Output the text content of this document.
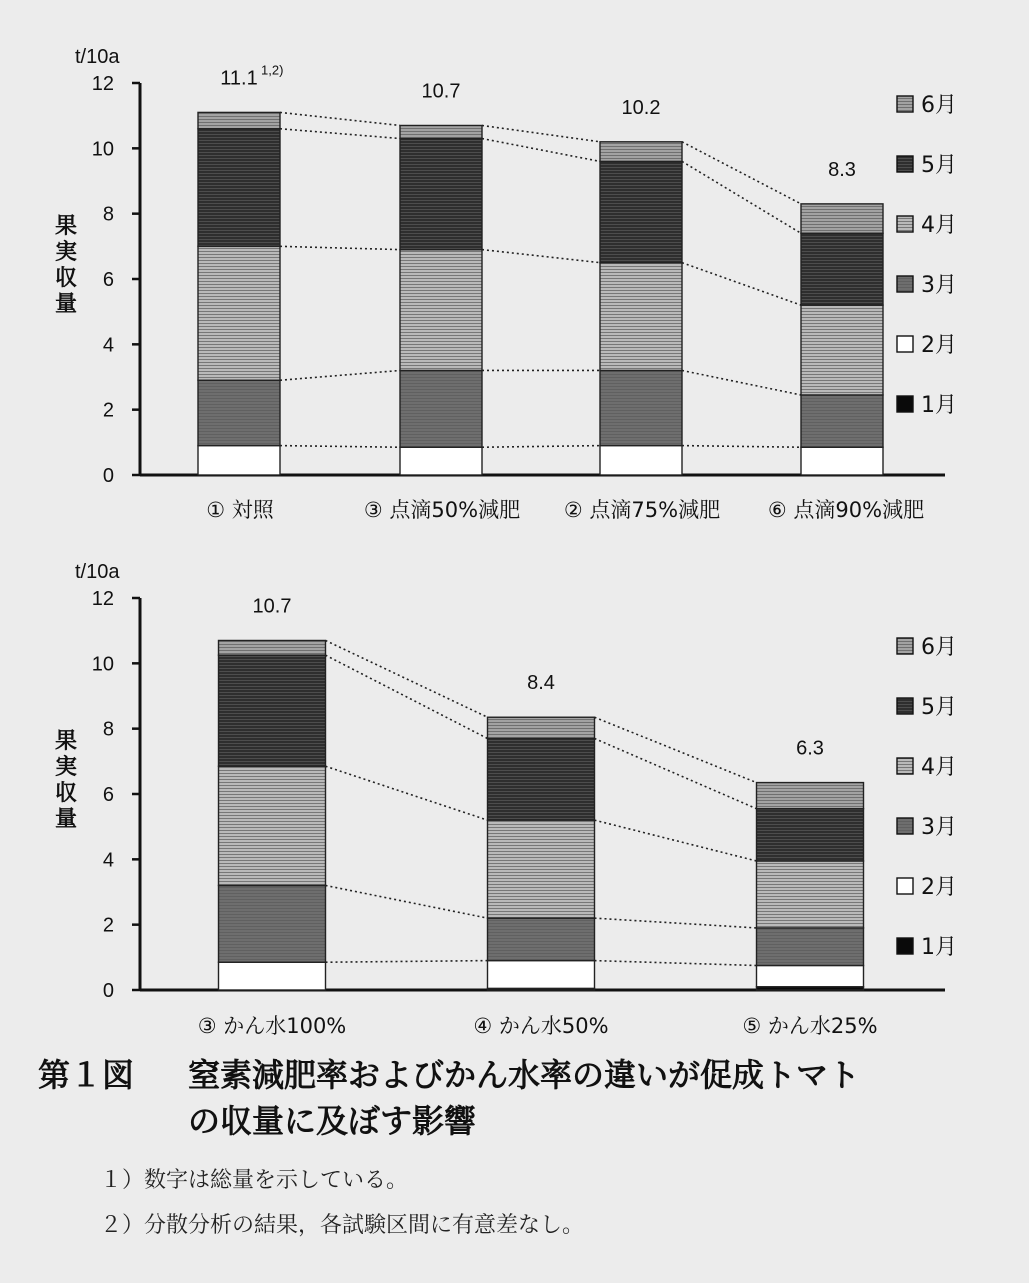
0
2
4
6
8
10
12
t/10a
果
実
収
量
11.1 1,2)
① 対照
10.7
③ 点滴50%減肥
10.2
② 点滴75%減肥
8.3
⑥ 点滴90%減肥
6月
5月
4月
3月
2月
1月
0
2
4
6
8
10
12
t/10a
果
実
収
量
10.7
③ かん水100%
8.4
④ かん水50%
6.3
⑤ かん水25%
6月
5月
4月
3月
2月
1月
第１図 窒素減肥率およびかん水率の違いが促成トマト
の収量に及ぼす影響
１）数字は総量を示している。
２）分散分析の結果，各試験区間に有意差なし。
